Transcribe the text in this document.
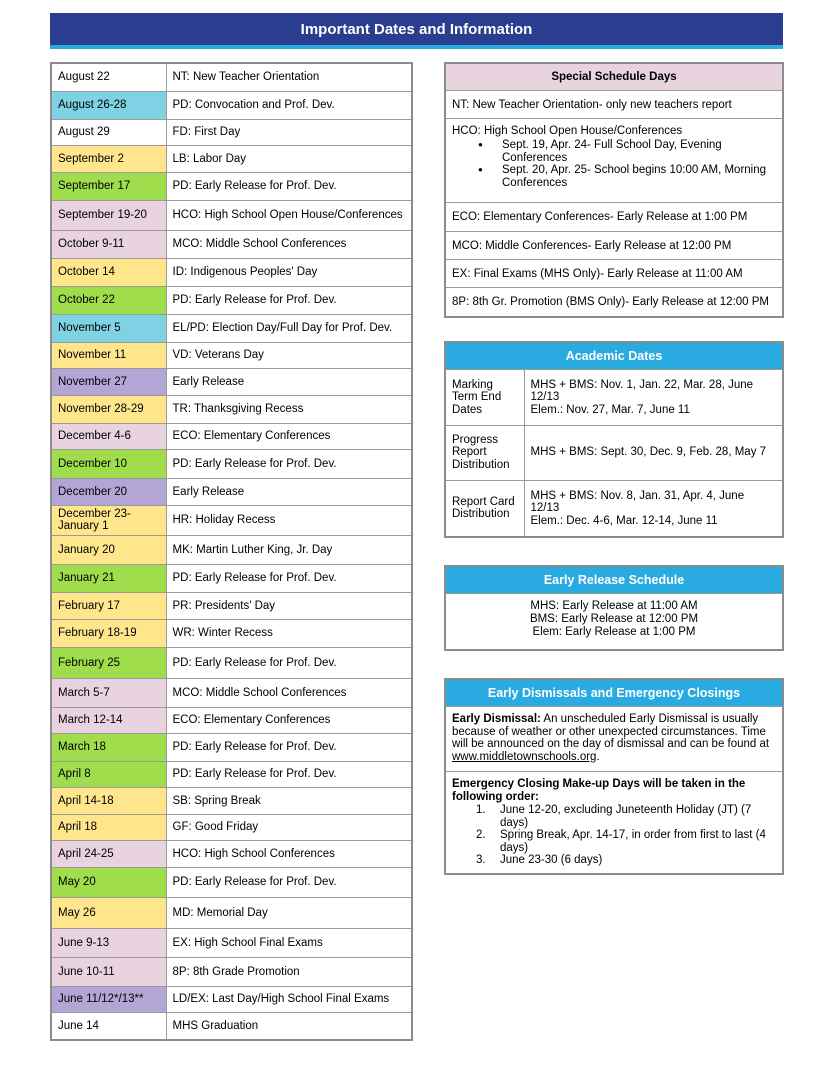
Important Dates and Information
August 22	NT: New Teacher Orientation
August 26-28	PD: Convocation and Prof. Dev.
August 29	FD: First Day
September 2	LB: Labor Day
September 17	PD: Early Release for Prof. Dev.
September 19-20	HCO: High School Open House/Conferences
October 9-11	MCO: Middle School Conferences
October 14	ID: Indigenous Peoples' Day
October 22	PD: Early Release for Prof. Dev.
November 5	EL/PD: Election Day/Full Day for Prof. Dev.
November 11	VD: Veterans Day
November 27	Early Release
November 28-29	TR: Thanksgiving Recess
December 4-6	ECO: Elementary Conferences
December 10	PD: Early Release for Prof. Dev.
December 20	Early Release
December 23-
January 1	HR: Holiday Recess
January 20	MK: Martin Luther King, Jr. Day
January 21	PD: Early Release for Prof. Dev.
February 17	PR: Presidents' Day
February 18-19	WR: Winter Recess
February 25	PD: Early Release for Prof. Dev.
March 5-7	MCO: Middle School Conferences
March 12-14	ECO: Elementary Conferences
March 18	PD: Early Release for Prof. Dev.
April 8	PD: Early Release for Prof. Dev.
April 14-18	SB: Spring Break
April 18	GF: Good Friday
April 24-25	HCO: High School Conferences
May 20	PD: Early Release for Prof. Dev.
May 26	MD: Memorial Day
June 9-13	EX: High School Final Exams
June 10-11	8P: 8th Grade Promotion
June 11/12*/13**	LD/EX: Last Day/High School Final Exams
June 14	MHS Graduation
Special Schedule Days
NT: New Teacher Orientation- only new teachers report
HCO: High School Open House/Conferences
● Sept. 19, Apr. 24- Full School Day, Evening Conferences
● Sept. 20, Apr. 25- School begins 10:00 AM, Morning Conferences
ECO: Elementary Conferences- Early Release at 1:00 PM
MCO: Middle Conferences- Early Release at 12:00 PM
EX: Final Exams (MHS Only)- Early Release at 11:00 AM
8P: 8th Gr. Promotion (BMS Only)- Early Release at 12:00 PM
Academic Dates
Marking Term End Dates	MHS + BMS: Nov. 1, Jan. 22, Mar. 28, June 12/13
Elem.: Nov. 27, Mar. 7, June 11

Progress Report Distribution	MHS + BMS: Sept. 30, Dec. 9, Feb. 28, May 7

Report Card Distribution	MHS + BMS: Nov. 8, Jan. 31, Apr. 4, June 12/13
Elem.: Dec. 4-6, Mar. 12-14, June 11
Early Release Schedule
MHS: Early Release at 11:00 AM
BMS: Early Release at 12:00 PM
Elem: Early Release at 1:00 PM
Early Dismissals and Emergency Closings
Early Dismissal: An unscheduled Early Dismissal is usually because of weather or other unexpected circumstances. Time will be announced on the day of dismissal and can be found at www.middletownschools.org.
Emergency Closing Make-up Days will be taken in the following order:
1.	June 12-20, excluding Juneteenth Holiday (JT) (7 days)
2.	Spring Break, Apr. 14-17, in order from first to last (4 days)
3.	June 23-30 (6 days)
